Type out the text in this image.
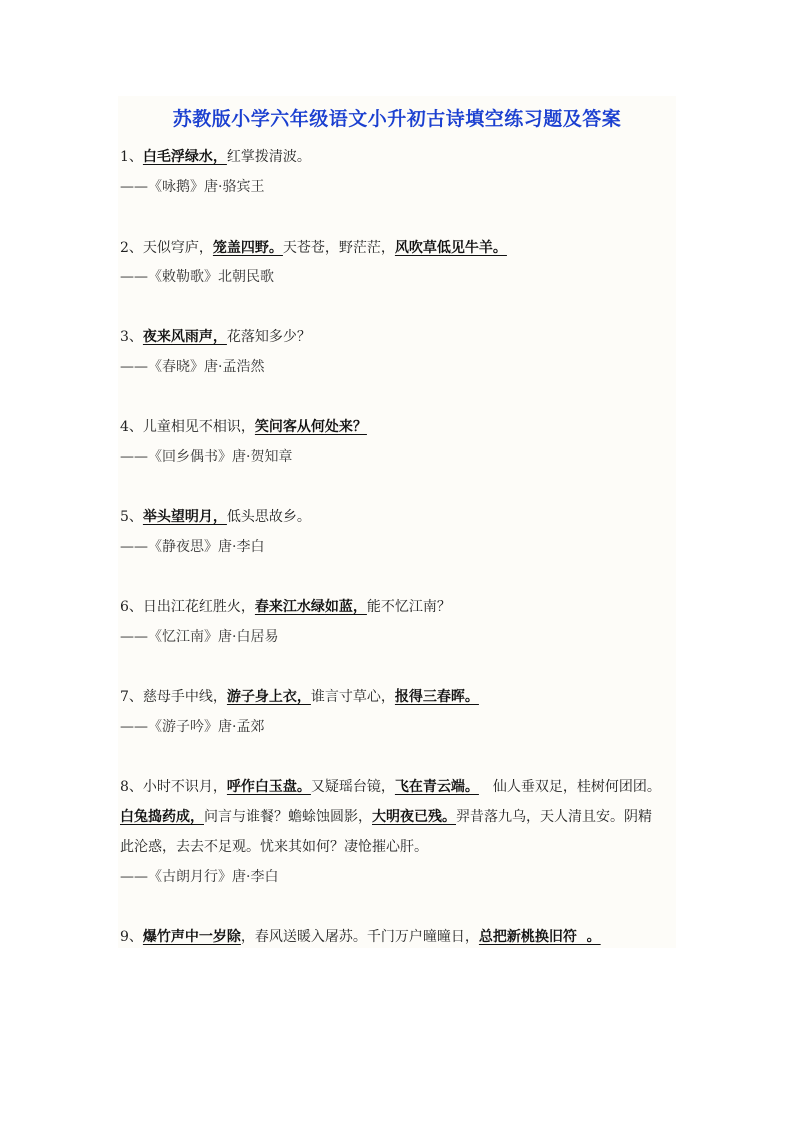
苏教版小学六年级语文小升初古诗填空练习题及答案
1、白毛浮绿水，红掌拨清波。
——《咏鹅》唐·骆宾王
2、天似穹庐，笼盖四野。天苍苍，野茫茫，风吹草低见牛羊。
——《敕勒歌》北朝民歌
3、夜来风雨声，花落知多少？
——《春晓》唐·孟浩然
4、儿童相见不相识，笑问客从何处来？
——《回乡偶书》唐·贺知章
5、举头望明月，低头思故乡。
——《静夜思》唐·李白
6、日出江花红胜火，春来江水绿如蓝，能不忆江南？
——《忆江南》唐·白居易
7、慈母手中线，游子身上衣，谁言寸草心，报得三春晖。
——《游子吟》唐·孟郊
8、小时不识月，呼作白玉盘。又疑瑶台镜，飞在青云端。 仙人垂双足，桂树何团团。
白兔捣药成，问言与谁餐？蟾蜍蚀圆影，大明夜已残。羿昔落九乌，天人清且安。阴精
此沦惑，去去不足观。忧来其如何？凄怆摧心肝。
——《古朗月行》唐·李白
9、爆竹声中一岁除，春风送暖入屠苏。千门万户曈曈日，总把新桃换旧符  。
